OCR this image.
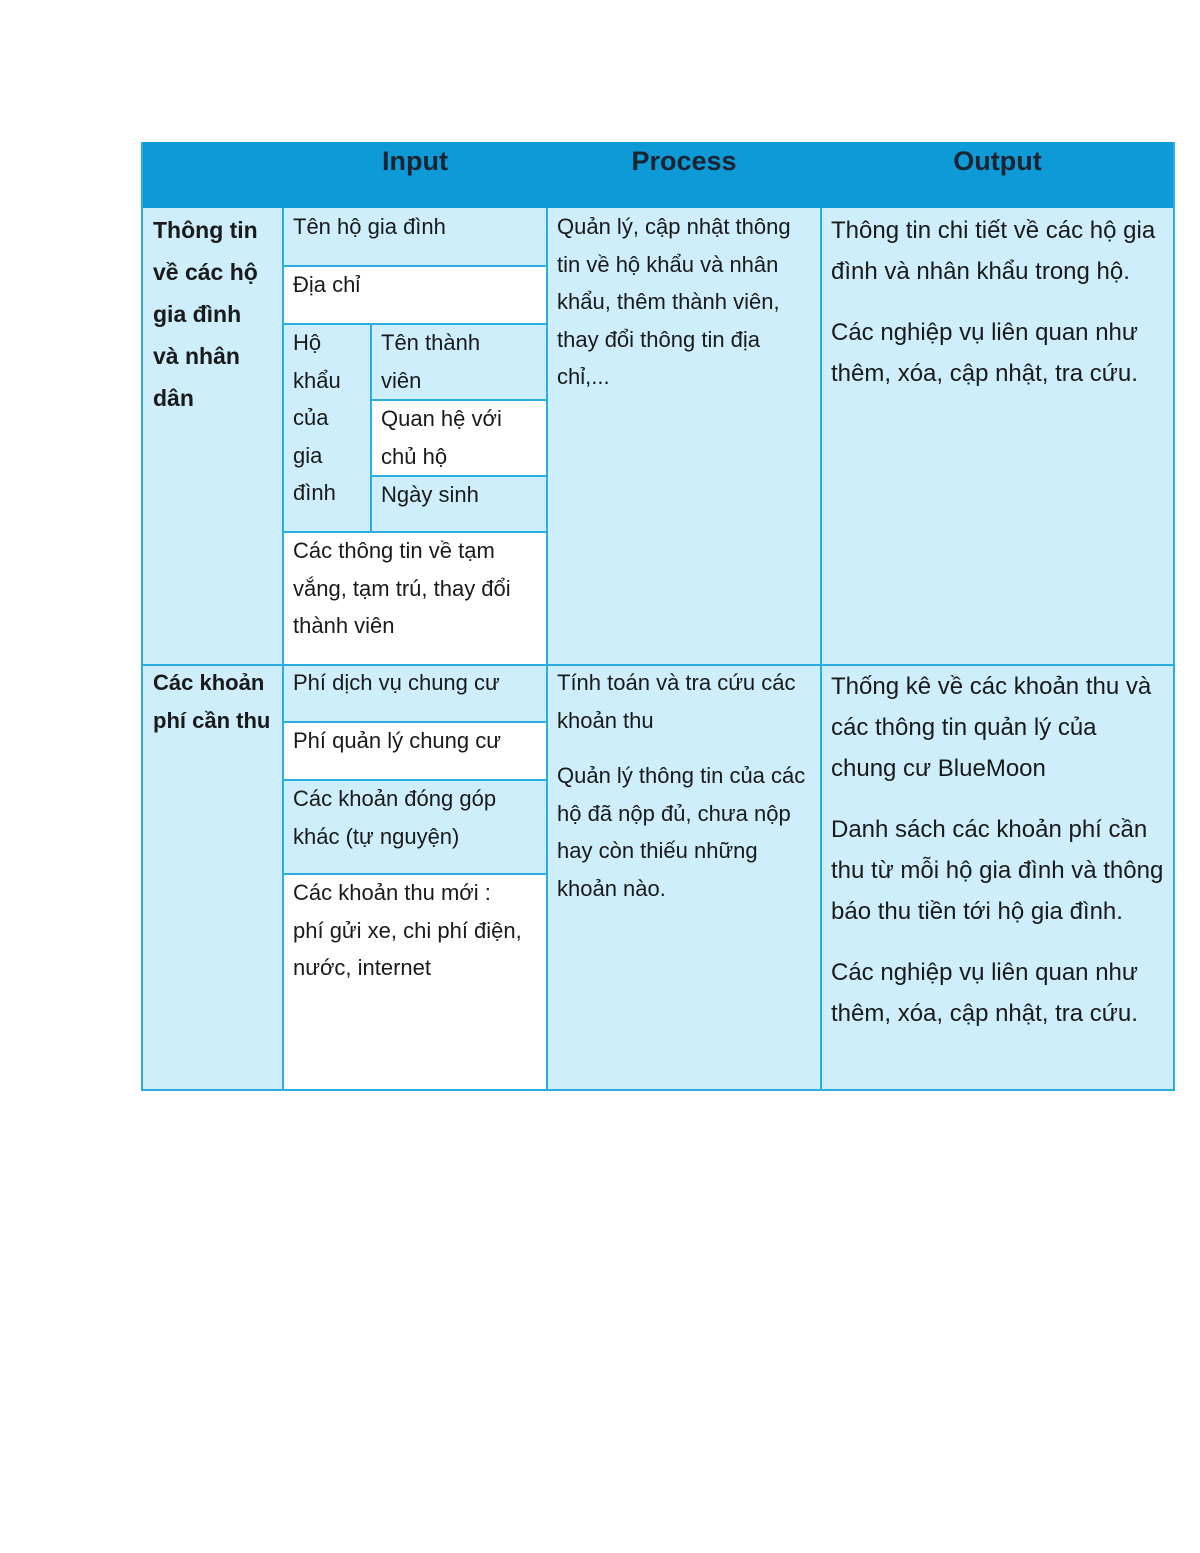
Input	Process	Output
Thông tin về các hộ gia đình và nhân dân
Tên hộ gia đình
Địa chỉ
Hộ khẩu của gia đình
Tên thành viên
Quan hệ với chủ hộ
Ngày sinh
Các thông tin về tạm vắng, tạm trú, thay đổi thành viên
Quản lý, cập nhật thông tin về hộ khẩu và nhân khẩu, thêm thành viên, thay đổi thông tin địa chỉ,...

Thông tin chi tiết về các hộ gia đình và nhân khẩu trong hộ.

Các nghiệp vụ liên quan như thêm, xóa, cập nhật, tra cứu.

Các khoản phí cần thu
Phí dịch vụ chung cư
Phí quản lý chung cư
Các khoản đóng góp khác (tự nguyện)
Các khoản thu mới : phí gửi xe, chi phí điện, nước, internet

Tính toán và tra cứu các khoản thu

Quản lý thông tin của các hộ đã nộp đủ, chưa nộp hay còn thiếu những khoản nào.

Thống kê về các khoản thu và các thông tin quản lý của chung cư BlueMoon

Danh sách các khoản phí cần thu từ mỗi hộ gia đình và thông báo thu tiền tới hộ gia đình.

Các nghiệp vụ liên quan như thêm, xóa, cập nhật, tra cứu.
